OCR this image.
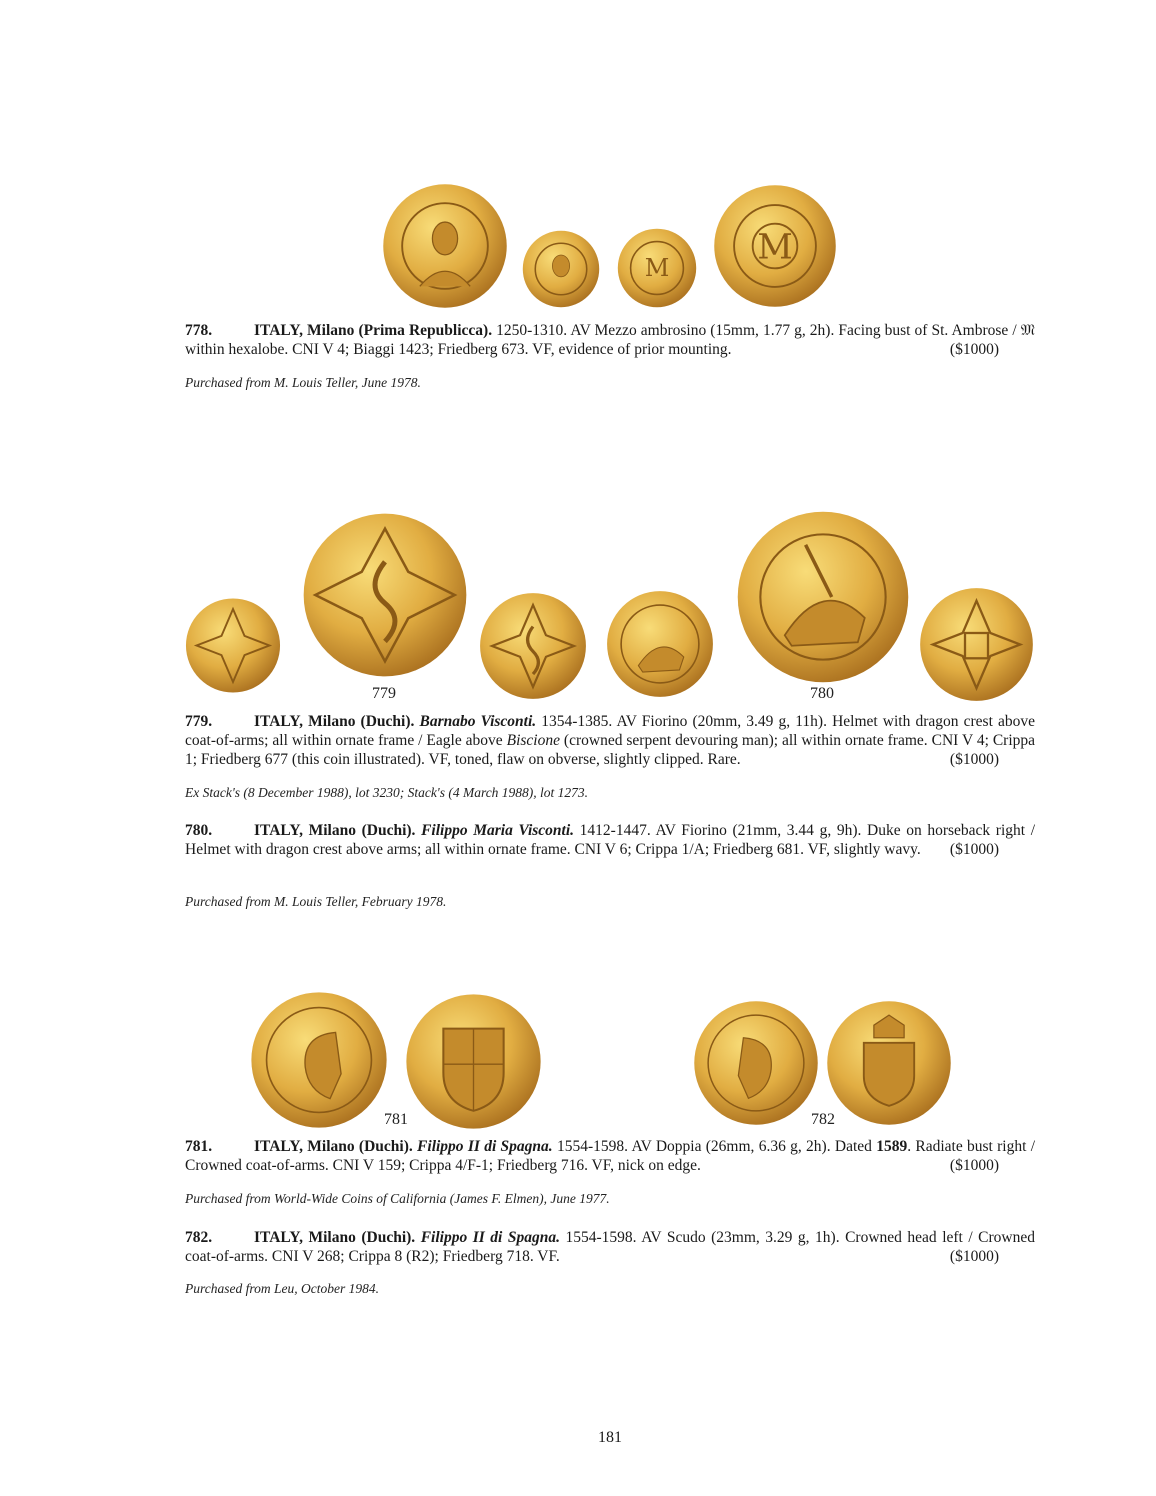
M
M
778.	ITALY, Milano (Prima Republicca). 1250-1310. AV Mezzo ambrosino (15mm, 1.77 g, 2h). Facing bust of St. Ambrose / 𝔐 within hexalobe. CNI V 4; Biaggi 1423; Friedberg 673. VF, evidence of prior mounting.	($1000)
Purchased from M. Louis Teller, June 1978.
779	780
779.	ITALY, Milano (Duchi). Barnabo Visconti. 1354-1385. AV Fiorino (20mm, 3.49 g, 11h). Helmet with dragon crest above coat-of-arms; all within ornate frame / Eagle above Biscione (crowned serpent devouring man); all within ornate frame. CNI V 4; Crippa 1; Friedberg 677 (this coin illustrated). VF, toned, flaw on obverse, slightly clipped. Rare.	($1000)
Ex Stack's (8 December 1988), lot 3230; Stack's (4 March 1988), lot 1273.
780.	ITALY, Milano (Duchi). Filippo Maria Visconti. 1412-1447. AV Fiorino (21mm, 3.44 g, 9h). Duke on horseback right / Helmet with dragon crest above arms; all within ornate frame. CNI V 6; Crippa 1/A; Friedberg 681. VF, slightly wavy. ($1000)
Purchased from M. Louis Teller, February 1978.
781	782
781.	ITALY, Milano (Duchi). Filippo II di Spagna. 1554-1598. AV Doppia (26mm, 6.36 g, 2h). Dated 1589. Radiate bust right / Crowned coat-of-arms. CNI V 159; Crippa 4/F-1; Friedberg 716. VF, nick on edge.	($1000)
Purchased from World-Wide Coins of California (James F. Elmen), June 1977.
782.	ITALY, Milano (Duchi). Filippo II di Spagna. 1554-1598. AV Scudo (23mm, 3.29 g, 1h). Crowned head left / Crowned coat-of-arms. CNI V 268; Crippa 8 (R2); Friedberg 718. VF.	($1000)
Purchased from Leu, October 1984.
181
